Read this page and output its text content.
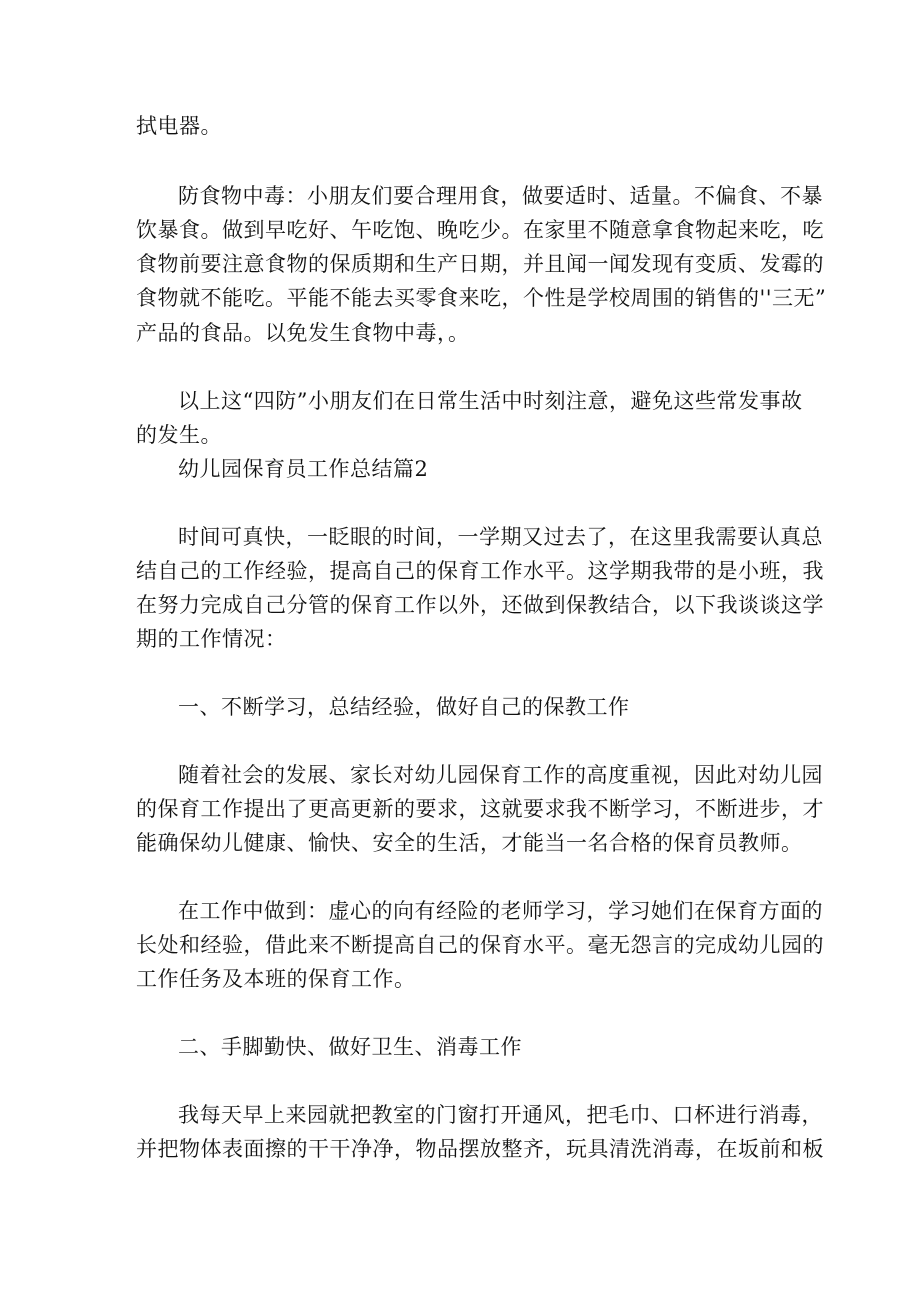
拭电器。
防食物中毒：小朋友们要合理用食，做要适时、适量。不偏食、不暴
饮暴食。做到早吃好、午吃饱、晚吃少。在家里不随意拿食物起来吃，吃
食物前要注意食物的保质期和生产日期，并且闻一闻发现有变质、发霉的
食物就不能吃。平能不能去买零食来吃，个性是学校周围的销售的''三无”
产品的食品。以免发生食物中毒，。
以上这“四防”小朋友们在日常生活中时刻注意，避免这些常发事故
的发生。
幼儿园保育员工作总结篇2
时间可真快，一眨眼的时间，一学期又过去了，在这里我需要认真总
结自己的工作经验，提高自己的保育工作水平。这学期我带的是小班，我
在努力完成自己分管的保育工作以外，还做到保教结合，以下我谈谈这学
期的工作情况：
一、不断学习，总结经验，做好自己的保教工作
随着社会的发展、家长对幼儿园保育工作的高度重视，因此对幼儿园
的保育工作提出了更高更新的要求，这就要求我不断学习，不断进步，才
能确保幼儿健康、愉快、安全的生活，才能当一名合格的保育员教师。
在工作中做到：虚心的向有经险的老师学习，学习她们在保育方面的
长处和经验，借此来不断提高自己的保育水平。毫无怨言的完成幼儿园的
工作任务及本班的保育工作。
二、手脚勤快、做好卫生、消毒工作
我每天早上来园就把教室的门窗打开通风，把毛巾、口杯进行消毒，
并把物体表面擦的干干净净，物品摆放整齐，玩具清洗消毒，在坂前和板
